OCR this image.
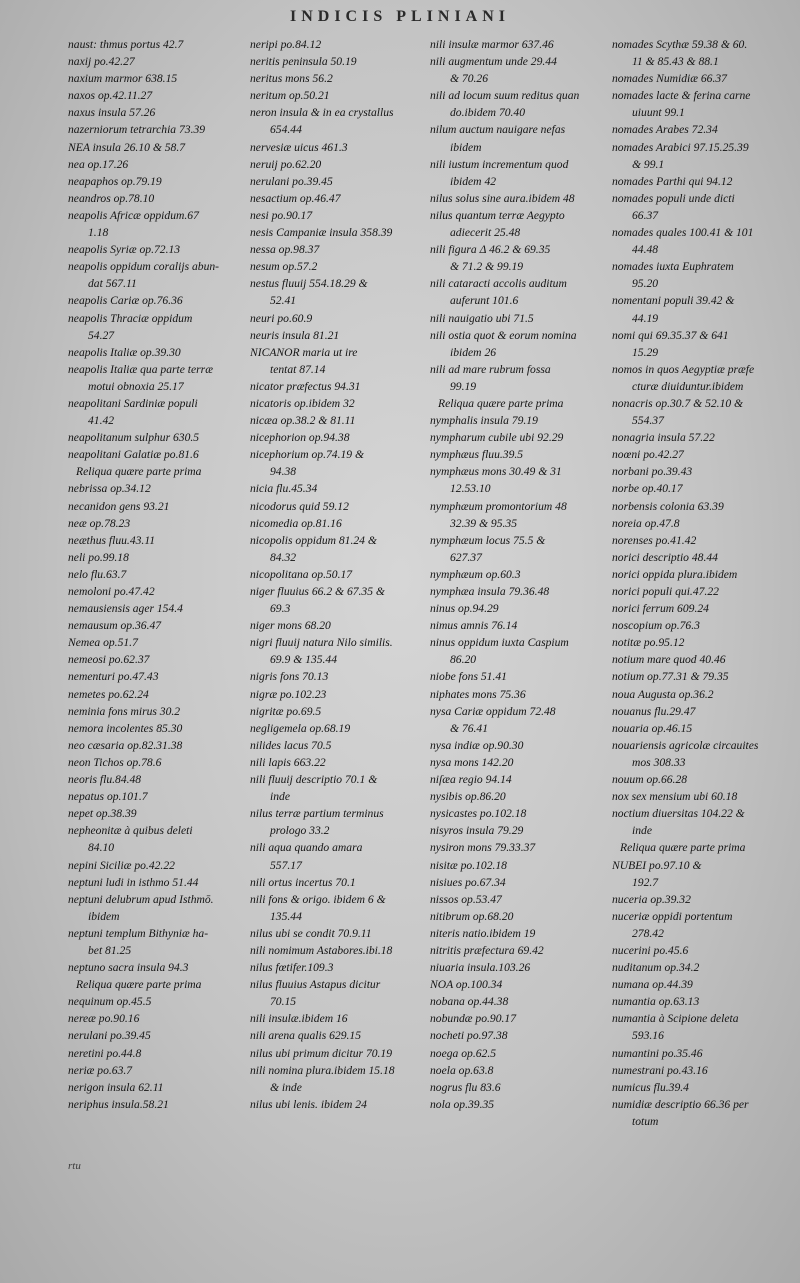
INDICIS PLINIANI
naust: thmus portus 42.7
naxij po.42.27
naxium marmor 638.15
naxos op.42.11.27
naxus insula 57.26
nazerniorum tetrarchia 73.39
NEA insula 26.10 & 58.7
nea op.17.26
neapaphos op.79.19
neandros op.78.10
neapolis Africæ oppidum.67
1.18
neapolis Syriæ op.72.13
neapolis oppidum coralijs abun-
dat 567.11
neapolis Cariæ op.76.36
neapolis Thraciæ oppidum
54.27
neapolis Italiæ op.39.30
neapolis Italiæ qua parte terræ
motui obnoxia 25.17
neapolitani Sardiniæ populi
41.42
neapolitanum sulphur 630.5
neapolitani Galatiæ po.81.6
Reliqua quære parte prima
nebrissa op.34.12
necanidon gens 93.21
neæ op.78.23
neæthus fluu.43.11
neli po.99.18
nelo flu.63.7
nemoloni po.47.42
nemausiensis ager 154.4
nemausum op.36.47
Nemea op.51.7
nemeosi po.62.37
nementuri po.47.43
nemetes po.62.24
neminia fons mirus 30.2
nemora incolentes 85.30
neo cæsaria op.82.31.38
neon Tichos op.78.6
neoris flu.84.48
nepatus op.101.7
nepet op.38.39
nepheonitæ à quibus deleti
84.10
nepini Siciliæ po.42.22
neptuni ludi in isthmo 51.44
neptuni delubrum apud Isthmō.
ibidem
neptuni templum Bithyniæ ha-
bet 81.25
neptuno sacra insula 94.3
Reliqua quære parte prima
nequinum op.45.5
nereæ po.90.16
nerulani po.39.45
neretini po.44.8
neriæ po.63.7
nerigon insula 62.11
neriphus insula.58.21
neripi po.84.12
neritis peninsula 50.19
neritus mons 56.2
neritum op.50.21
neron insula & in ea crystallus
654.44
nervesiæ uicus 461.3
neruij po.62.20
nerulani po.39.45
nesactium op.46.47
nesi po.90.17
nesis Campaniæ insula 358.39
nessa op.98.37
nesum op.57.2
nestus fluuij 554.18.29 &
52.41
neuri po.60.9
neuris insula 81.21
NICANOR maria ut ire
tentat 87.14
nicator præfectus 94.31
nicatoris op.ibidem 32
nicæa op.38.2 & 81.11
nicephorion op.94.38
nicephorium op.74.19 &
94.38
nicia flu.45.34
nicodorus quid 59.12
nicomedia op.81.16
nicopolis oppidum 81.24 &
84.32
nicopolitana op.50.17
niger fluuius 66.2 & 67.35 &
69.3
niger mons 68.20
nigri fluuij natura Nilo similis.
69.9 & 135.44
nigris fons 70.13
nigræ po.102.23
nigritæ po.69.5
negligemela op.68.19
nilides lacus 70.5
nili lapis 663.22
nili fluuij descriptio 70.1 &
inde
nilus terræ partium terminus
prologo 33.2
nili aqua quando amara
557.17
nili ortus incertus 70.1
nili fons & origo. ibidem 6 &
135.44
nilus ubi se condit 70.9.11
nili nomimum Astabores.ibi.18
nilus fœtifer.109.3
nilus fluuius Astapus dicitur
70.15
nili insulæ.ibidem 16
nili arena qualis 629.15
nilus ubi primum dicitur 70.19
nili nomina plura.ibidem 15.18
& inde
nilus ubi lenis. ibidem 24
nili insulæ marmor 637.46
nili augmentum unde 29.44
& 70.26
nili ad locum suum reditus quan
do.ibidem 70.40
nilum auctum nauigare nefas
ibidem
nili iustum incrementum quod
ibidem 42
nilus solus sine aura.ibidem 48
nilus quantum terræ Aegypto
adiecerit 25.48
nili figura Δ 46.2 & 69.35
& 71.2 & 99.19
nili cataracti accolis auditum
auferunt 101.6
nili nauigatio ubi 71.5
nili ostia quot & eorum nomina
ibidem 26
nili ad mare rubrum fossa
99.19
Reliqua quære parte prima
nymphalis insula 79.19
nympharum cubile ubi 92.29
nymphæus fluu.39.5
nymphæus mons 30.49 & 31
12.53.10
nymphæum promontorium 48
32.39 & 95.35
nymphæum locus 75.5 &
627.37
nymphæum op.60.3
nymphæa insula 79.36.48
ninus op.94.29
nimus amnis 76.14
ninus oppidum iuxta Caspium
86.20
niobe fons 51.41
niphates mons 75.36
nysa Cariæ oppidum 72.48
& 76.41
nysa indiæ op.90.30
nysa mons 142.20
niſæa regio 94.14
nysibis op.86.20
nysicastes po.102.18
nisyros insula 79.29
nysiron mons 79.33.37
nisitæ po.102.18
nisiues po.67.34
nissos op.53.47
nitibrum op.68.20
niteris natio.ibidem 19
nitritis præfectura 69.42
niuaria insula.103.26
NOA op.100.34
nobana op.44.38
nobundæ po.90.17
nocheti po.97.38
noega op.62.5
noela op.63.8
nogrus flu 83.6
nola op.39.35
nomades Scythæ 59.38 & 60.
11 & 85.43 & 88.1
nomades Numidiæ 66.37
nomades lacte & ferina carne
uiuunt 99.1
nomades Arabes 72.34
nomades Arabici 97.15.25.39
& 99.1
nomades Parthi qui 94.12
nomades populi unde dicti
66.37
nomades quales 100.41 & 101
44.48
nomades iuxta Euphratem
95.20
nomentani populi 39.42 &
44.19
nomi qui 69.35.37 & 641
15.29
nomos in quos Aegyptiæ præfe
cturæ diuiduntur.ibidem
nonacris op.30.7 & 52.10 &
554.37
nonagria insula 57.22
noœni po.42.27
norbani po.39.43
norbe op.40.17
norbensis colonia 63.39
noreia op.47.8
norenses po.41.42
norici descriptio 48.44
norici oppida plura.ibidem
norici populi qui.47.22
norici ferrum 609.24
noscopium op.76.3
notitæ po.95.12
notium mare quod 40.46
notium op.77.31 & 79.35
noua Augusta op.36.2
nouanus flu.29.47
nouaria op.46.15
nouariensis agricolæ circauites
mos 308.33
nouum op.66.28
nox sex mensium ubi 60.18
noctium diuersitas 104.22 &
inde
Reliqua quære parte prima
NUBEI po.97.10 &
192.7
nuceria op.39.32
nuceriæ oppidi portentum
278.42
nucerini po.45.6
nuditanum op.34.2
numana op.44.39
numantia op.63.13
numantia à Scipione deleta
593.16
numantini po.35.46
numestrani po.43.16
numicus flu.39.4
numidiæ descriptio 66.36 per
totum
rtu
